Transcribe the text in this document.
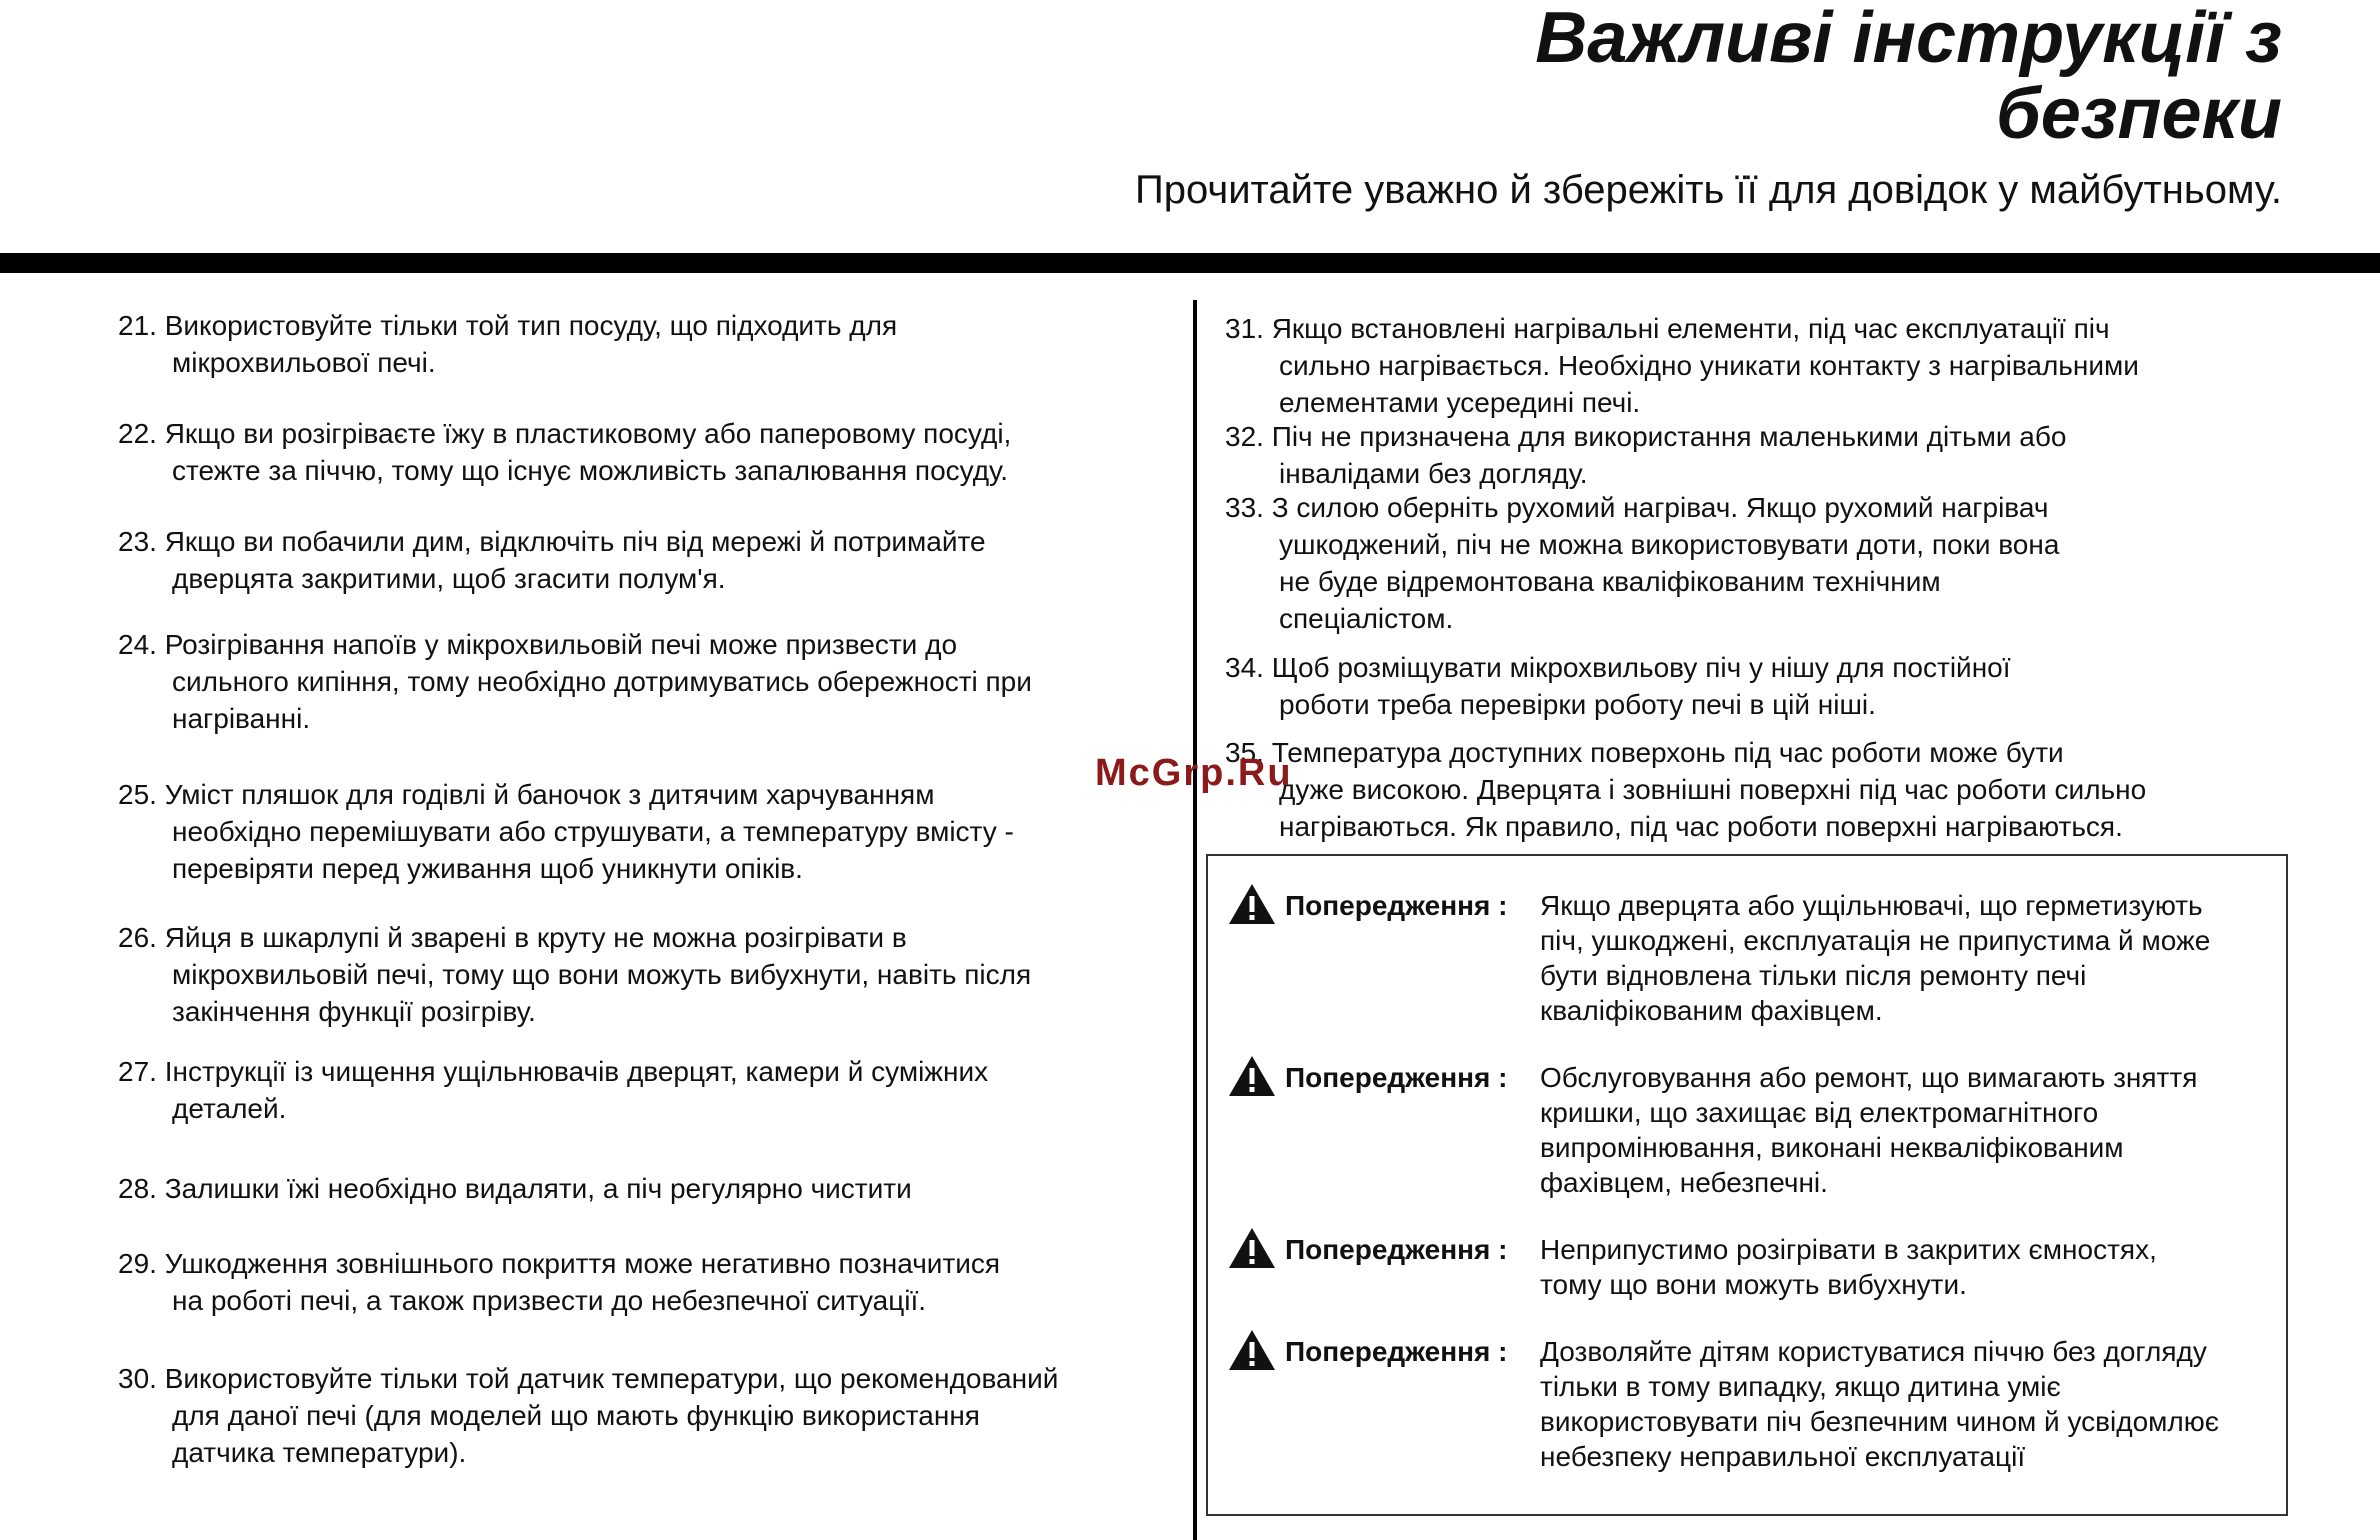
Важливі інструкції з
безпеки
Прочитайте уважно й збережіть її для довідок у майбутньому.
21. Використовуйте тільки той тип посуду, що підходить для
мікрохвильової печі.
22. Якщо ви розігріваєте їжу в пластиковому або паперовому посуді,
стежте за піччю, тому що існує можливість запалювання посуду.
23. Якщо ви побачили дим, відключіть піч від мережі й потримайте
дверцята закритими, щоб згасити полум'я.
24. Розігрівання напоїв у мікрохвильовій печі може призвести до
сильного кипіння, тому необхідно дотримуватись обережності при
нагріванні.
25. Уміст пляшок для годівлі й баночок з дитячим харчуванням
необхідно перемішувати або струшувати, а температуру вмісту -
перевіряти перед уживання щоб уникнути опіків.
26. Яйця в шкарлупі й зварені в круту не можна розігрівати в
мікрохвильовій печі, тому що вони можуть вибухнути, навіть після
закінчення функції розігріву.
27. Інструкції із чищення ущільнювачів дверцят, камери й суміжних
деталей.
28. Залишки їжі необхідно видаляти, а піч регулярно чистити
29. Ушкодження зовнішнього покриття може негативно позначитися
на роботі печі, а також призвести до небезпечної ситуації.
30. Використовуйте тільки той датчик температури, що рекомендований
для даної печі (для моделей що мають функцію використання
датчика температури).
31. Якщо встановлені нагрівальні елементи, під час експлуатації піч
сильно нагрівається. Необхідно уникати контакту з нагрівальними
елементами усередині печі.
32. Піч не призначена для використання маленькими дітьми або
інвалідами без догляду.
33. З силою оберніть рухомий нагрівач. Якщо рухомий нагрівач
ушкоджений, піч не можна використовувати доти, поки вона
не буде відремонтована кваліфікованим технічним
спеціалістом.
34. Щоб розміщувати мікрохвильову піч у нішу для постійної
роботи треба перевірки роботу печі в цій ніші.
35. Температура доступних поверхонь під час роботи може бути
дуже високою. Дверцята і зовнішні поверхні під час роботи сильно
нагріваються. Як правило, під час роботи поверхні нагріваються.
Попередження : Якщо дверцята або ущільнювачі, що герметизують
піч, ушкоджені, експлуатація не припустима й може
бути відновлена тільки після ремонту печі
кваліфікованим фахівцем.
Попередження : Обслуговування або ремонт, що вимагають зняття
кришки, що захищає від електромагнітного
випромінювання, виконані некваліфікованим
фахівцем, небезпечні.
Попередження : Неприпустимо розігрівати в закритих ємностях,
тому що вони можуть вибухнути.
Попередження : Дозволяйте дітям користуватися піччю без догляду
тільки в тому випадку, якщо дитина уміє
використовувати піч безпечним чином й усвідомлює
небезпеку неправильної експлуатації
McGrp.Ru
